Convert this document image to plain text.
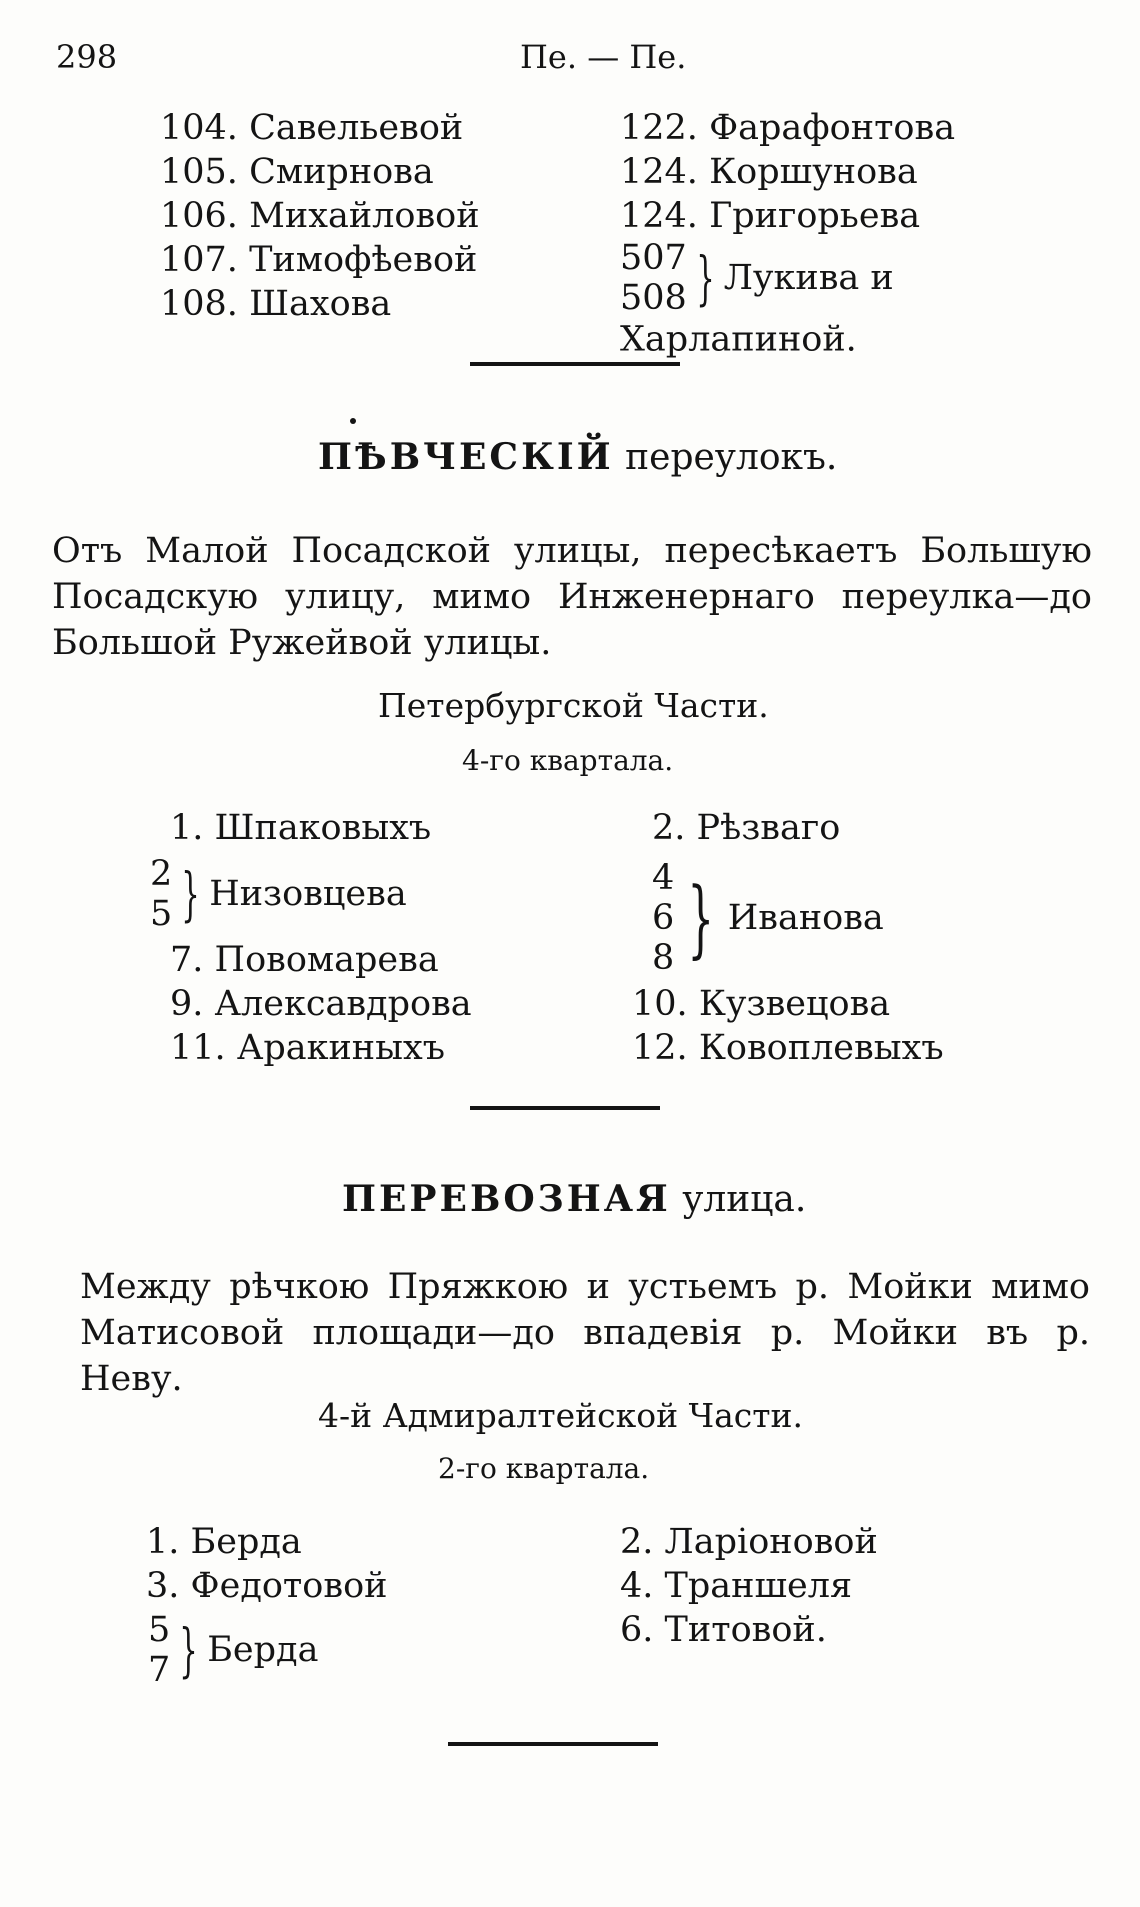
298	Пе. — Пе.
104. Савельевой
105. Смирнова
106. Михайловой
107. Тимофѣевой
108. Шахова
122. Фарафонтова
124. Коршунова
124. Григорьева
507
508 } Лукива и Харлапиной.
ПѢВЧЕСКІЙ переулокъ.
Отъ Малой Посадской улицы, пересѣкаетъ Большую Посадскую улицу, мимо Инженернаго переулка—до Большой Ружейвой улицы.
Петербургской Части.
4-го квартала.
1. Шпаковыхъ
2
5 } Низовцева
7. Повомарева
9. Алексавдрова
11. Аракиныхъ
2. Рѣзваго
4
6
8 } Иванова
10. Кузвецова
12. Ковоплевыхъ
ПЕРЕВОЗНАЯ улица.
Между рѣчкою Пряжкою и устьемъ р. Мойки мимо Матисовой площади—до впадевія р. Мойки въ р. Неву.
4-й Адмиралтейской Части.
2-го квартала.
1. Берда
3. Федотовой
5
7 } Берда
2. Ларіоновой
4. Траншеля
6. Титовой.
